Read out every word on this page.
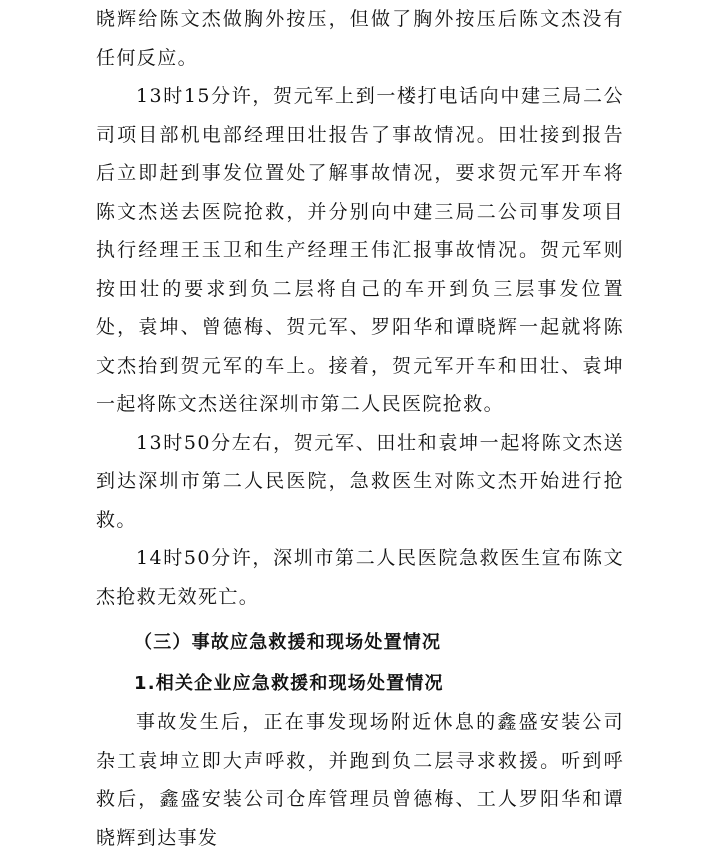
晓辉给陈文杰做胸外按压，但做了胸外按压后陈文杰没有任何反应。

13时15分许，贺元军上到一楼打电话向中建三局二公司项目部机电部经理田壮报告了事故情况。田壮接到报告后立即赶到事发位置处了解事故情况，要求贺元军开车将陈文杰送去医院抢救，并分别向中建三局二公司事发项目执行经理王玉卫和生产经理王伟汇报事故情况。贺元军则按田壮的要求到负二层将自己的车开到负三层事发位置处，袁坤、曾德梅、贺元军、罗阳华和谭晓辉一起就将陈文杰抬到贺元军的车上。接着，贺元军开车和田壮、袁坤一起将陈文杰送往深圳市第二人民医院抢救。

13时50分左右，贺元军、田壮和袁坤一起将陈文杰送到达深圳市第二人民医院，急救医生对陈文杰开始进行抢救。

14时50分许，深圳市第二人民医院急救医生宣布陈文杰抢救无效死亡。

（三）事故应急救援和现场处置情况
1.相关企业应急救援和现场处置情况

事故发生后，正在事发现场附近休息的鑫盛安装公司杂工袁坤立即大声呼救，并跑到负二层寻求救援。听到呼救后，鑫盛安装公司仓库管理员曾德梅、工人罗阳华和谭晓辉到达事发
